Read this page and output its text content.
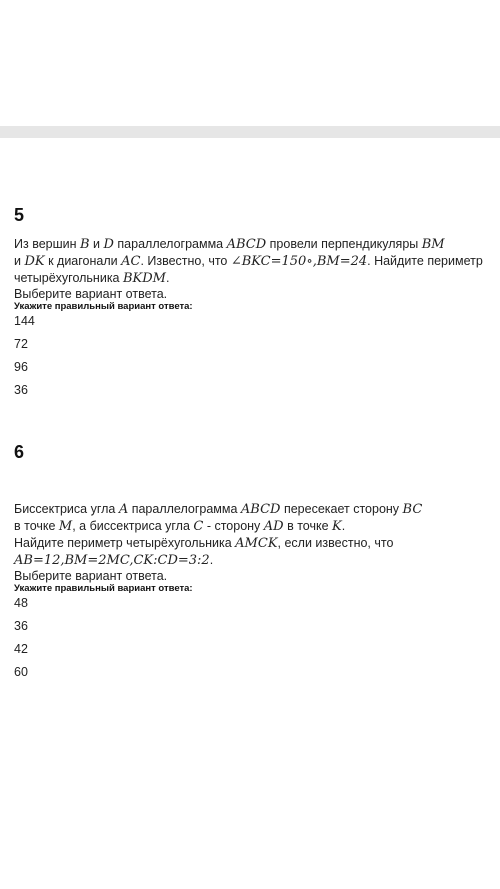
5

Из вершин B и D параллелограмма ABCD провели перпендикуляры BM
и DK к диагонали AC. Известно, что ∠BKC=150∘,BM=24. Найдите периметр
четырёхугольника BKDM.

Выберите вариант ответа.

Укажите правильный вариант ответа:

144
72
96
36
6

Биссектриса угла A параллелограмма ABCD пересекает сторону BC
в точке M, а биссектриса угла C - сторону AD в точке K.
Найдите периметр четырёхугольника AMCK, если известно, что
AB=12,BM=2MC,CK:CD=3:2.

Выберите вариант ответа.

Укажите правильный вариант ответа:

48
36
42
60
